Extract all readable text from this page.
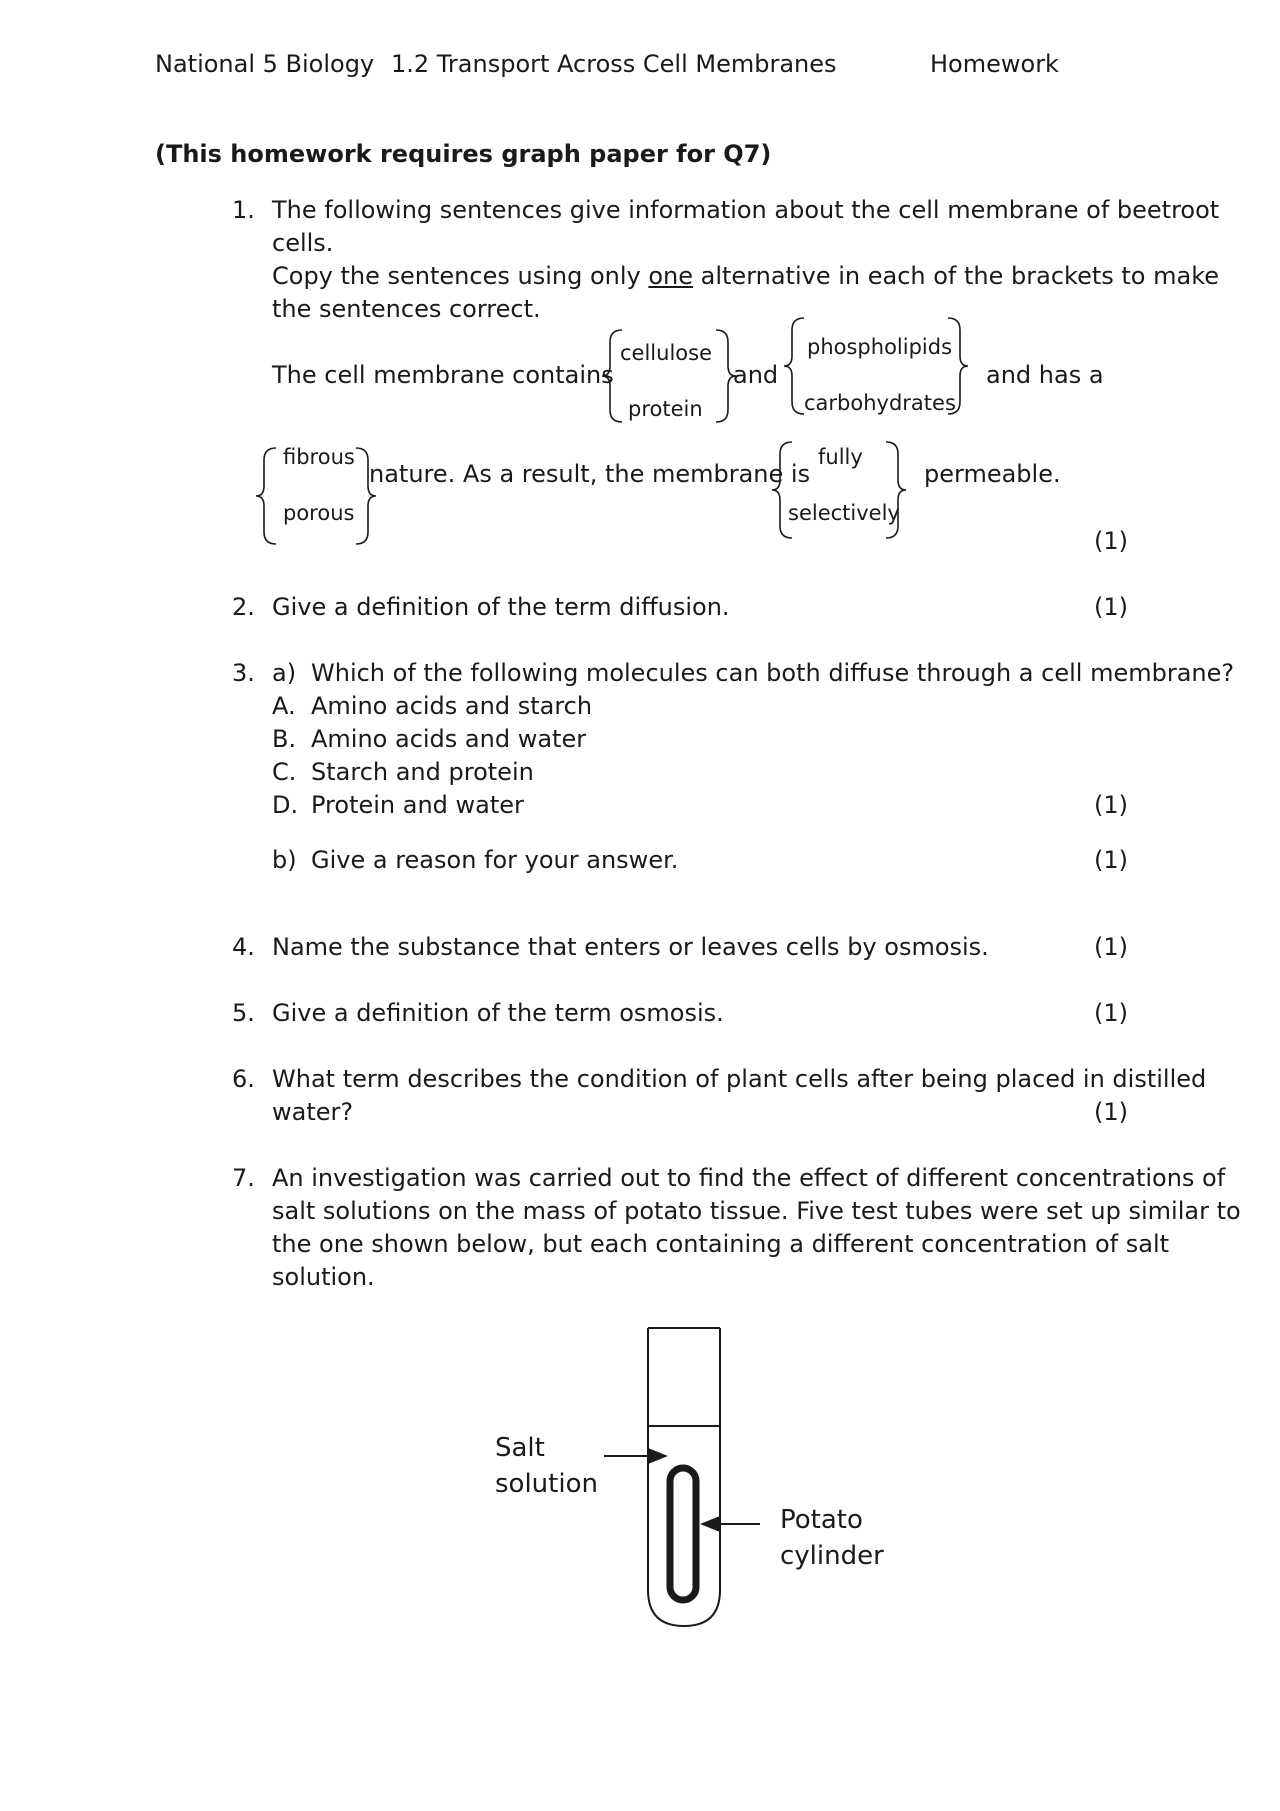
National 5 Biology 1.2 Transport Across Cell Membranes	Homework
(This homework requires graph paper for Q7)
1. The following sentences give information about the cell membrane of beetroot
cells.
Copy the sentences using only one alternative in each of the brackets to make
the sentences correct.
The cell membrane contains
cellulose
protein
and
phospholipids
carbohydrates
and has a
fibrous
porous
nature. As a result, the membrane is
fully
selectively
permeable.
(1)
2. Give a definition of the term diffusion.	(1)
3. a) Which of the following molecules can both diffuse through a cell membrane?
A. Amino acids and starch
B. Amino acids and water
C. Starch and protein
D. Protein and water	(1)
b) Give a reason for your answer.	(1)
4. Name the substance that enters or leaves cells by osmosis.	(1)
5. Give a definition of the term osmosis.	(1)
6. What term describes the condition of plant cells after being placed in distilled
water?	(1)
7. An investigation was carried out to find the effect of different concentrations of
salt solutions on the mass of potato tissue. Five test tubes were set up similar to
the one shown below, but each containing a different concentration of salt
solution.
Salt
solution
Potato
cylinder
